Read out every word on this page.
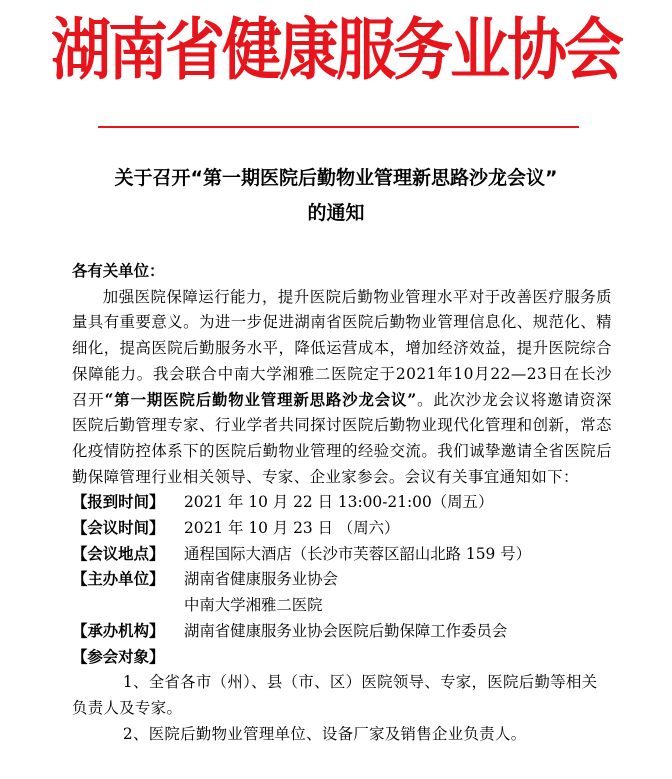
湖南省健康服务业协会
关于召开“第一期医院后勤物业管理新思路沙龙会议”
的通知

各有关单位：

加强医院保障运行能力，提升医院后勤物业管理水平对于改善医疗服务质量具有重要意义。为进一步促进湖南省医院后勤物业管理信息化、规范化、精细化，提高医院后勤服务水平，降低运营成本，增加经济效益，提升医院综合保障能力。我会联合中南大学湘雅二医院定于2021年10月22—23日在长沙召开“第一期医院后勤物业管理新思路沙龙会议”。此次沙龙会议将邀请资深医院后勤管理专家、行业学者共同探讨医院后勤物业现代化管理和创新，常态化疫情防控体系下的医院后勤物业管理的经验交流。我们诚挚邀请全省医院后勤保障管理行业相关领导、专家、企业家参会。会议有关事宜通知如下：

【报到时间】	2021 年 10 月 22 日 13:00-21:00（周五）
【会议时间】	2021 年 10 月 23 日 （周六）
【会议地点】	通程国际大酒店（长沙市芙蓉区韶山北路 159 号）
【主办单位】	湖南省健康服务业协会

中南大学湘雅二医院

【承办机构】	湖南省健康服务业协会医院后勤保障工作委员会

【参会对象】

1、全省各市（州）、县（市、区）医院领导、专家，医院后勤等相关负责人及专家。

2、医院后勤物业管理单位、设备厂家及销售企业负责人。
